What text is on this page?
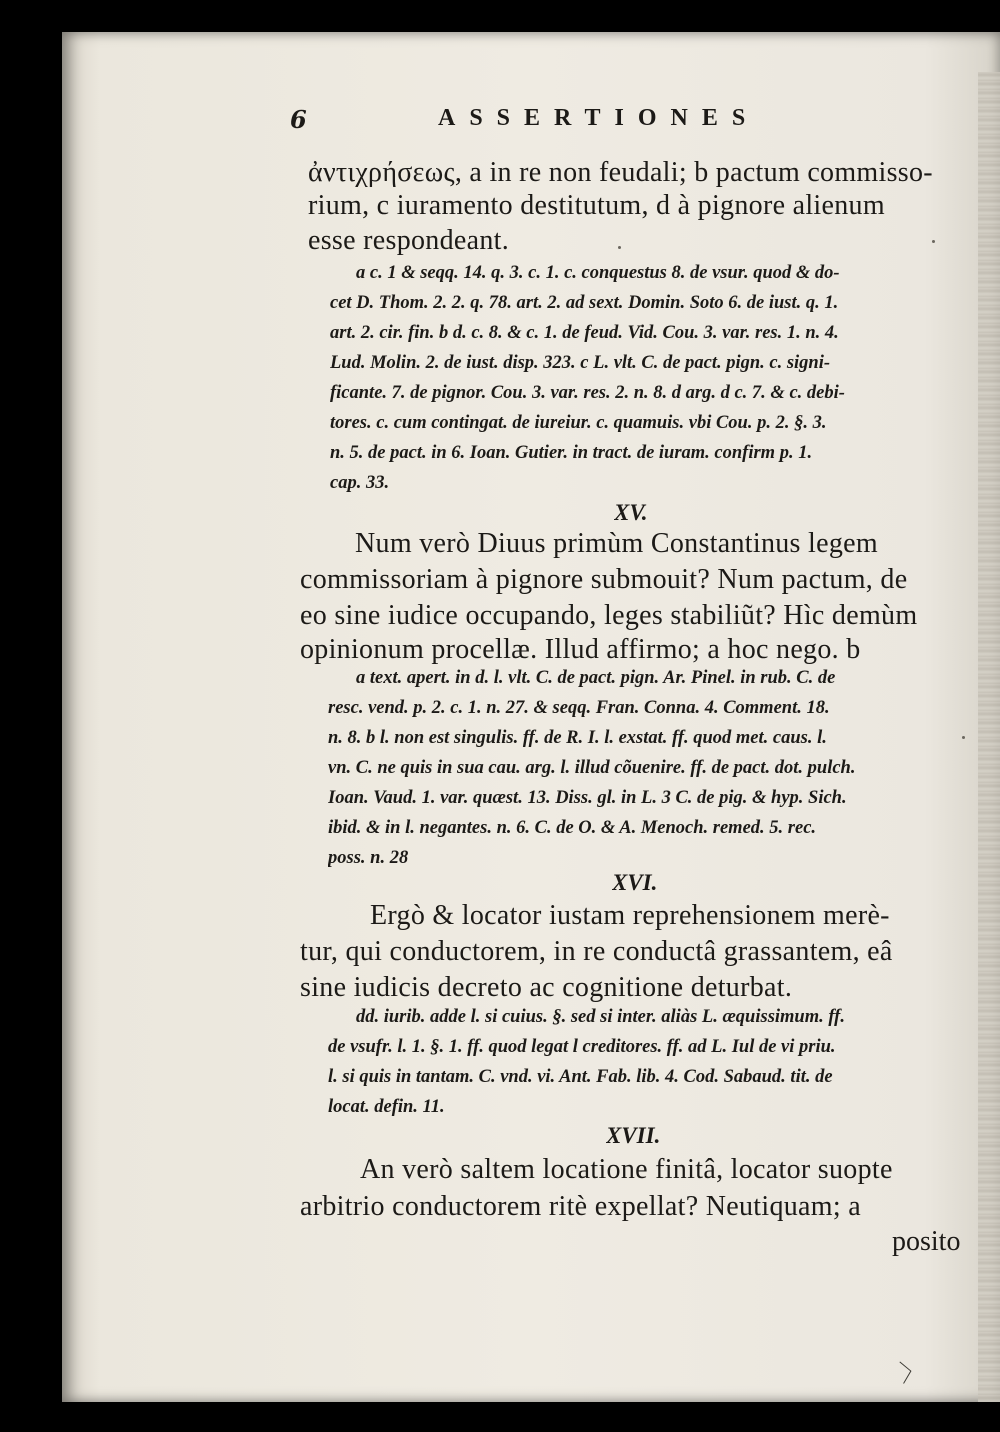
6	ASSERTIONES
ἀντιχρήσεως, a in re non feudali; b pactum commisso-
rium, c iuramento destitutum, d à pignore alienum
esse respondeant.
a c. 1 & seqq. 14. q. 3. c. 1. c. conquestus 8. de vsur. quod & do-
cet D. Thom. 2. 2. q. 78. art. 2. ad sext. Domin. Soto 6. de iust. q. 1.
art. 2. cir. fin. b d. c. 8. & c. 1. de feud. Vid. Cou. 3. var. res. 1. n. 4.
Lud. Molin. 2. de iust. disp. 323. c L. vlt. C. de pact. pign. c. signi-
ficante. 7. de pignor. Cou. 3. var. res. 2. n. 8. d arg. d c. 7. & c. debi-
tores. c. cum contingat. de iureiur. c. quamuis. vbi Cou. p. 2. §. 3.
n. 5. de pact. in 6. Ioan. Gutier. in tract. de iuram. confirm p. 1.
cap. 33.
XV.
Num verò Diuus primùm Constantinus legem
commissoriam à pignore submouit? Num pactum, de
eo sine iudice occupando, leges stabiliũt? Hìc demùm
opinionum procellæ. Illud affirmo; a hoc nego. b
a text. apert. in d. l. vlt. C. de pact. pign. Ar. Pinel. in rub. C. de
resc. vend. p. 2. c. 1. n. 27. & seqq. Fran. Conna. 4. Comment. 18.
n. 8. b l. non est singulis. ff. de R. I. l. exstat. ff. quod met. caus. l.
vn. C. ne quis in sua cau. arg. l. illud cõuenire. ff. de pact. dot. pulch.
Ioan. Vaud. 1. var. quæst. 13. Diss. gl. in L. 3 C. de pig. & hyp. Sich.
ibid. & in l. negantes. n. 6. C. de O. & A. Menoch. remed. 5. rec.
poss. n. 28
XVI.
Ergò & locator iustam reprehensionem merè-
tur, qui conductorem, in re conductâ grassantem, eâ
sine iudicis decreto ac cognitione deturbat.
dd. iurib. adde l. si cuius. §. sed si inter. aliàs L. æquissimum. ff.
de vsufr. l. 1. §. 1. ff. quod legat l creditores. ff. ad L. Iul de vi priu.
l. si quis in tantam. C. vnd. vi. Ant. Fab. lib. 4. Cod. Sabaud. tit. de
locat. defin. 11.
XVII.
An verò saltem locatione finitâ, locator suopte
arbitrio conductorem ritè expellat? Neutiquam; a
posito
〉
